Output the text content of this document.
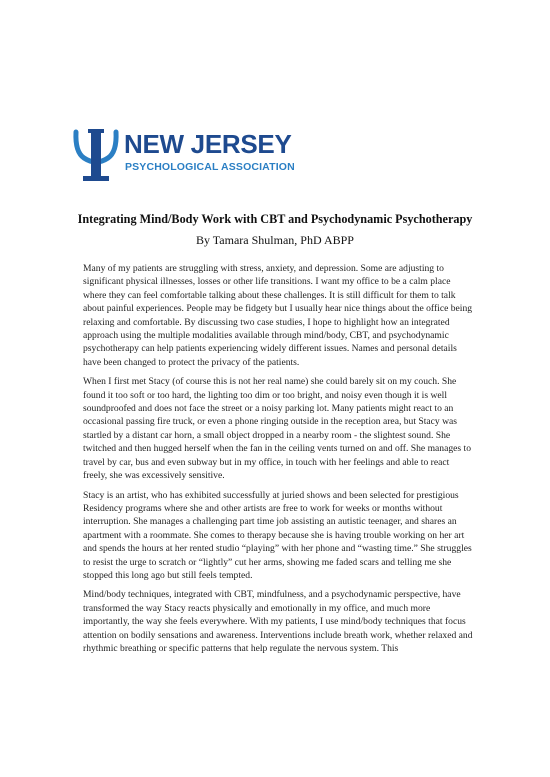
NEW JERSEY
PSYCHOLOGICAL ASSOCIATION
Integrating Mind/Body Work with CBT and Psychodynamic Psychotherapy
By Tamara Shulman, PhD ABPP

Many of my patients are struggling with stress, anxiety, and depression. Some are adjusting to significant physical illnesses, losses or other life transitions. I want my office to be a calm place where they can feel comfortable talking about these challenges. It is still difficult for them to talk about painful experiences. People may be fidgety but I usually hear nice things about the office being relaxing and comfortable. By discussing two case studies, I hope to highlight how an integrated approach using the multiple modalities available through mind/body, CBT, and psychodynamic psychotherapy can help patients experiencing widely different issues. Names and personal details have been changed to protect the privacy of the patients.

When I first met Stacy (of course this is not her real name) she could barely sit on my couch. She found it too soft or too hard, the lighting too dim or too bright, and noisy even though it is well soundproofed and does not face the street or a noisy parking lot. Many patients might react to an occasional passing fire truck, or even a phone ringing outside in the reception area, but Stacy was startled by a distant car horn, a small object dropped in a nearby room - the slightest sound. She twitched and then hugged herself when the fan in the ceiling vents turned on and off. She manages to travel by car, bus and even subway but in my office, in touch with her feelings and able to react freely, she was excessively sensitive.

Stacy is an artist, who has exhibited successfully at juried shows and been selected for prestigious Residency programs where she and other artists are free to work for weeks or months without interruption. She manages a challenging part time job assisting an autistic teenager, and shares an apartment with a roommate. She comes to therapy because she is having trouble working on her art and spends the hours at her rented studio “playing” with her phone and “wasting time.” She struggles to resist the urge to scratch or “lightly” cut her arms, showing me faded scars and telling me she stopped this long ago but still feels tempted.

Mind/body techniques, integrated with CBT, mindfulness, and a psychodynamic perspective, have transformed the way Stacy reacts physically and emotionally in my office, and much more importantly, the way she feels everywhere. With my patients, I use mind/body techniques that focus attention on bodily sensations and awareness. Interventions include breath work, whether relaxed and rhythmic breathing or specific patterns that help regulate the nervous system. This
